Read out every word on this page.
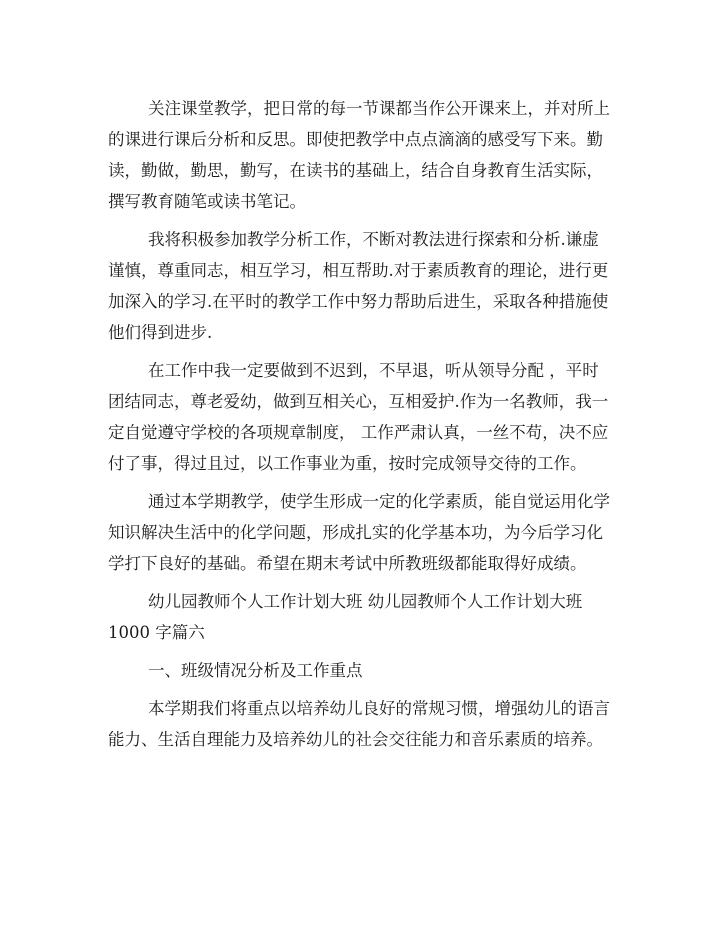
关注课堂教学，把日常的每一节课都当作公开课来上，并对所上
的课进行课后分析和反思。即使把教学中点点滴滴的感受写下来。勤
读，勤做，勤思，勤写，在读书的基础上，结合自身教育生活实际，
撰写教育随笔或读书笔记。
我将积极参加教学分析工作，不断对教法进行探索和分析.谦虚
谨慎，尊重同志，相互学习，相互帮助.对于素质教育的理论，进行更
加深入的学习.在平时的教学工作中努力帮助后进生，采取各种措施使
他们得到进步.
在工作中我一定要做到不迟到，不早退，听从领导分配 ，平时
团结同志，尊老爱幼，做到互相关心，互相爱护.作为一名教师，我一
定自觉遵守学校的各项规章制度， 工作严肃认真，一丝不苟，决不应
付了事，得过且过，以工作事业为重，按时完成领导交待的工作。
通过本学期教学，使学生形成一定的化学素质，能自觉运用化学
知识解决生活中的化学问题，形成扎实的化学基本功，为今后学习化
学打下良好的基础。希望在期末考试中所教班级都能取得好成绩。
幼儿园教师个人工作计划大班 幼儿园教师个人工作计划大班
1000 字篇六
一、班级情况分析及工作重点
本学期我们将重点以培养幼儿良好的常规习惯，增强幼儿的语言
能力、生活自理能力及培养幼儿的社会交往能力和音乐素质的培养。
